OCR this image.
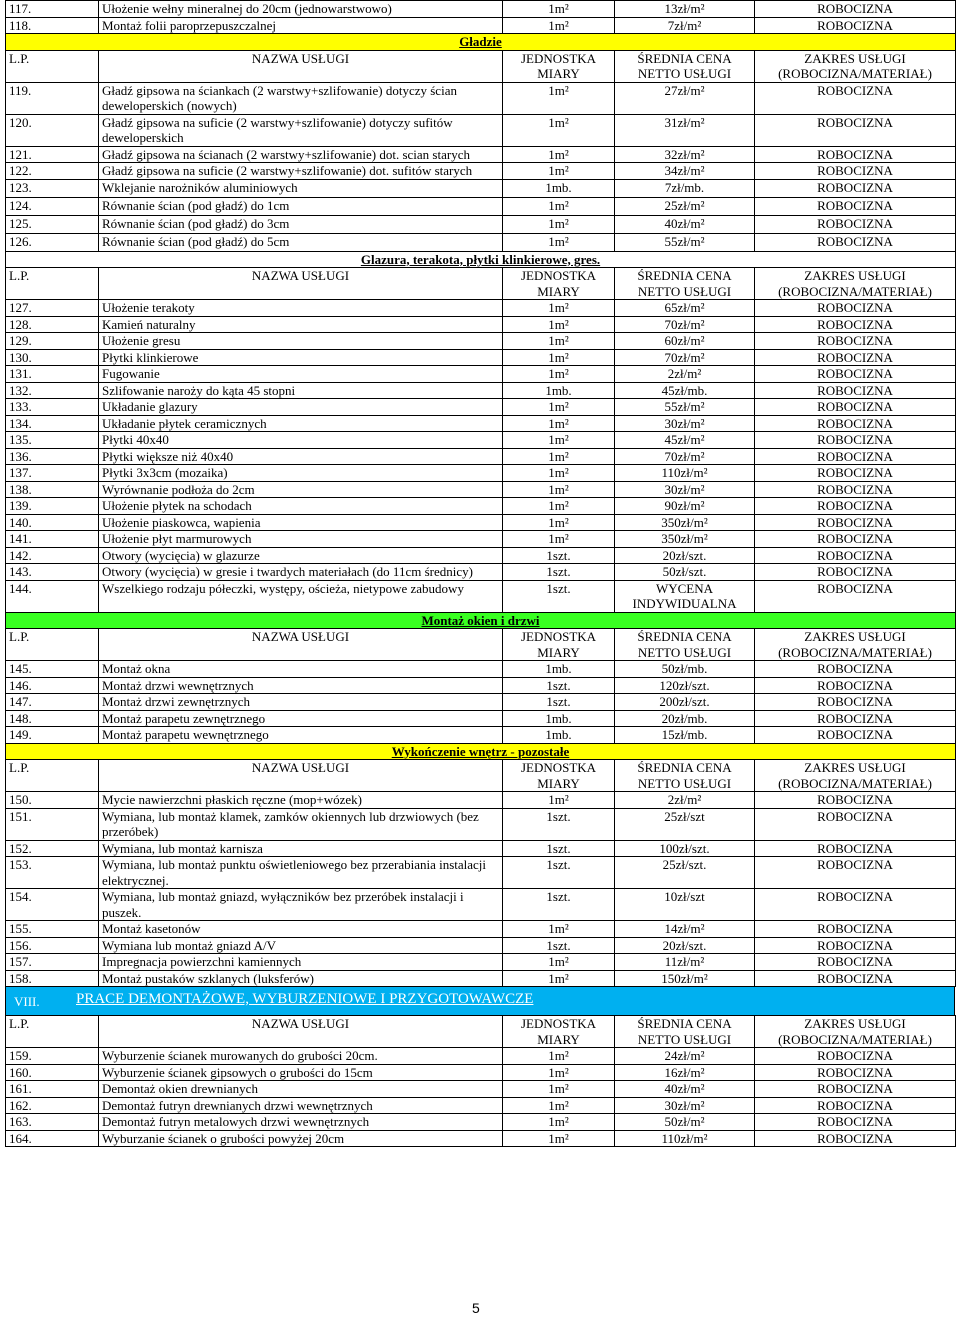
117.	Ułożenie wełny mineralnej do 20cm (jednowarstwowo)	1m²	13zł/m²	ROBOCIZNA
118.	Montaż folii paroprzepuszczalnej	1m²	7zł/m²	ROBOCIZNA
Gładzie				
L.P.	NAZWA USŁUGI	JEDNOSTKA MIARY	ŚREDNIA CENA NETTO USŁUGI	ZAKRES USŁUGI (ROBOCIZNA/MATERIAŁ)
119.	Gładź gipsowa na ściankach (2 warstwy+szlifowanie) dotyczy ścian deweloperskich (nowych)	1m²	27zł/m²	ROBOCIZNA
120.	Gładź gipsowa na suficie (2 warstwy+szlifowanie) dotyczy sufitów deweloperskich	1m²	31zł/m²	ROBOCIZNA
121.	Gładź gipsowa na ścianach (2 warstwy+szlifowanie) dot. scian starych	1m²	32zł/m²	ROBOCIZNA
122.	Gładź gipsowa na suficie (2 warstwy+szlifowanie) dot. sufitów starych	1m²	34zł/m²	ROBOCIZNA
123.	Wklejanie narożników aluminiowych	1mb.	7zł/mb.	ROBOCIZNA
124.	Równanie ścian (pod gładź) do 1cm	1m²	25zł/m²	ROBOCIZNA
125.	Równanie ścian (pod gładź) do 3cm	1m²	40zł/m²	ROBOCIZNA
126.	Równanie ścian (pod gładź) do 5cm	1m²	55zł/m²	ROBOCIZNA
Glazura, terakota, płytki klinkierowe, gres.				
L.P.	NAZWA USŁUGI	JEDNOSTKA MIARY	ŚREDNIA CENA NETTO USŁUGI	ZAKRES USŁUGI (ROBOCIZNA/MATERIAŁ)
127.	Ułożenie terakoty	1m²	65zł/m²	ROBOCIZNA
128.	Kamień naturalny	1m²	70zł/m²	ROBOCIZNA
129.	Ułożenie gresu	1m²	60zł/m²	ROBOCIZNA
130.	Płytki klinkierowe	1m²	70zł/m²	ROBOCIZNA
131.	Fugowanie	1m²	2zł/m²	ROBOCIZNA
132.	Szlifowanie naroży do kąta 45 stopni	1mb.	45zł/mb.	ROBOCIZNA
133.	Układanie glazury	1m²	55zł/m²	ROBOCIZNA
134.	Układanie płytek ceramicznych	1m²	30zł/m²	ROBOCIZNA
135.	Płytki 40x40	1m²	45zł/m²	ROBOCIZNA
136.	Płytki większe niż 40x40	1m²	70zł/m²	ROBOCIZNA
137.	Płytki 3x3cm (mozaika)	1m²	110zł/m²	ROBOCIZNA
138.	Wyrównanie podłoża do 2cm	1m²	30zł/m²	ROBOCIZNA
139.	Ułożenie płytek na schodach	1m²	90zł/m²	ROBOCIZNA
140.	Ułożenie piaskowca, wapienia	1m²	350zł/m²	ROBOCIZNA
141.	Ułożenie płyt marmurowych	1m²	350zł/m²	ROBOCIZNA
142.	Otwory (wycięcia) w glazurze	1szt.	20zł/szt.	ROBOCIZNA
143.	Otwory (wycięcia) w gresie i twardych materiałach (do 11cm średnicy)	1szt.	50zł/szt.	ROBOCIZNA
144.	Wszelkiego rodzaju półeczki, występy, ościeża, nietypowe zabudowy	1szt.	WYCENA INDYWIDUALNA	ROBOCIZNA
Montaż okien i drzwi				
L.P.	NAZWA USŁUGI	JEDNOSTKA MIARY	ŚREDNIA CENA NETTO USŁUGI	ZAKRES USŁUGI (ROBOCIZNA/MATERIAŁ)
145.	Montaż okna	1mb.	50zł/mb.	ROBOCIZNA
146.	Montaż drzwi wewnętrznych	1szt.	120zł/szt.	ROBOCIZNA
147.	Montaż drzwi zewnętrznych	1szt.	200zł/szt.	ROBOCIZNA
148.	Montaż parapetu zewnętrznego	1mb.	20zł/mb.	ROBOCIZNA
149.	Montaż parapetu wewnętrznego	1mb.	15zł/mb.	ROBOCIZNA
Wykończenie wnętrz - pozostałe				
L.P.	NAZWA USŁUGI	JEDNOSTKA MIARY	ŚREDNIA CENA NETTO USŁUGI	ZAKRES USŁUGI (ROBOCIZNA/MATERIAŁ)
150.	Mycie nawierzchni płaskich ręczne (mop+wózek)	1m²	2zł/m²	ROBOCIZNA
151.	Wymiana, lub montaż klamek, zamków okiennych lub drzwiowych (bez przeróbek)	1szt.	25zł/szt	ROBOCIZNA
152.	Wymiana, lub montaż karnisza	1szt.	100zł/szt.	ROBOCIZNA
153.	Wymiana, lub montaż punktu oświetleniowego bez przerabiania instalacji elektrycznej.	1szt.	25zł/szt.	ROBOCIZNA
154.	Wymiana, lub montaż gniazd, wyłączników bez przeróbek instalacji i puszek.	1szt.	10zł/szt	ROBOCIZNA
155.	Montaż kasetonów	1m²	14zł/m²	ROBOCIZNA
156.	Wymiana lub montaż gniazd A/V	1szt.	20zł/szt.	ROBOCIZNA
157.	Impregnacja powierzchni kamiennych	1m²	11zł/m²	ROBOCIZNA
158.	Montaż pustaków szklanych (luksferów)	1m²	150zł/m²	ROBOCIZNA
VIII. PRACE DEMONTAŻOWE, WYBURZENIOWE I PRZYGOTOWAWCZE
L.P.	NAZWA USŁUGI	JEDNOSTKA MIARY	ŚREDNIA CENA NETTO USŁUGI	ZAKRES USŁUGI (ROBOCIZNA/MATERIAŁ)
159.	Wyburzenie ścianek murowanych do grubości 20cm.	1m²	24zł/m²	ROBOCIZNA
160.	Wyburzenie ścianek gipsowych o grubości do 15cm	1m²	16zł/m²	ROBOCIZNA
161.	Demontaż okien drewnianych	1m²	40zł/m²	ROBOCIZNA
162.	Demontaż futryn drewnianych drzwi wewnętrznych	1m²	30zł/m²	ROBOCIZNA
163.	Demontaż futryn metalowych drzwi wewnętrznych	1m²	50zł/m²	ROBOCIZNA
164.	Wyburzanie ścianek o grubości powyżej 20cm	1m²	110zł/m²	ROBOCIZNA
5
